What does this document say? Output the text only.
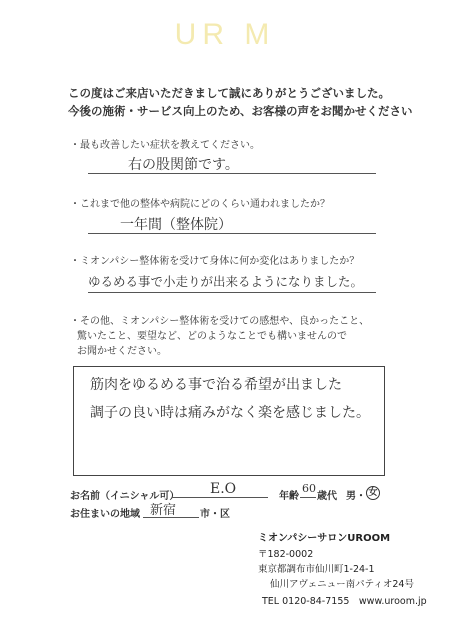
UR M
この度はご来店いただきまして誠にありがとうございました。
今後の施術・サービス向上のため、お客様の声をお聞かせください
・最も改善したい症状を教えてください。
右の股関節です。
・これまで他の整体や病院にどのくらい通われましたか？
一年間（整体院）
・ミオンパシー整体術を受けて身体に何か変化はありましたか？
ゆるめる事で小走りが出来るようになりました。
・その他、ミオンパシー整体術を受けての感想や、良かったこと、
驚いたこと、要望など、どのようなことでも構いませんので
お聞かせください。
筋肉をゆるめる事で治る希望が出ました
調子の良い時は痛みがなく楽を感じました。
お名前（イニシャル可） E.O	年齢
60
歳代 男・ 女
お住まいの地域 新宿 市・区
ミオンパシーサロンUROOM
〒182-0002
東京都調布市仙川町1-24-1
仙川アヴェニュー南パティオ24号
TEL 0120-84-7155　www.uroom.jp
